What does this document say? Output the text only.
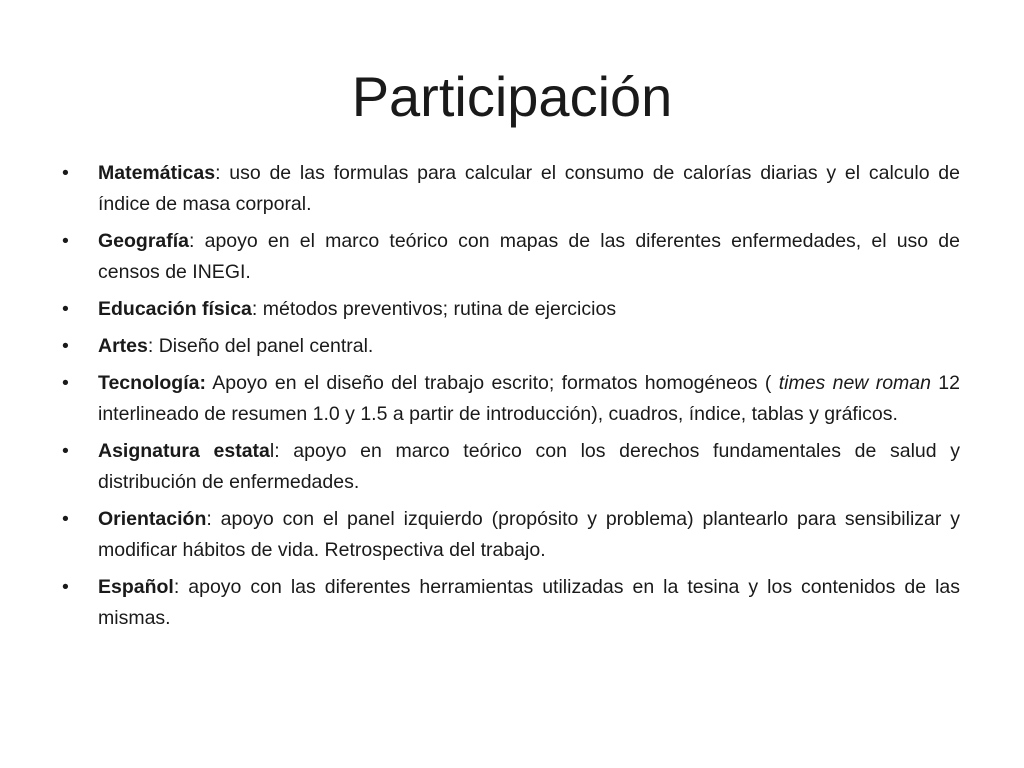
Participación
• Matemáticas: uso de las formulas para calcular el consumo de calorías diarias y el calculo de índice de masa corporal.
• Geografía: apoyo en el marco teórico con mapas de las diferentes enfermedades, el uso de censos de INEGI.
• Educación física: métodos preventivos; rutina de ejercicios
• Artes: Diseño del panel central.
• Tecnología: Apoyo en el diseño del trabajo escrito; formatos homogéneos ( times new roman 12 interlineado de resumen 1.0 y 1.5 a partir de introducción), cuadros, índice, tablas y gráficos.
• Asignatura estatal: apoyo en marco teórico con los derechos fundamentales de salud y distribución de enfermedades.
• Orientación: apoyo con el panel izquierdo (propósito y problema) plantearlo para sensibilizar y modificar hábitos de vida. Retrospectiva del trabajo.
• Español: apoyo con las diferentes herramientas utilizadas en la tesina y los contenidos de las mismas.
